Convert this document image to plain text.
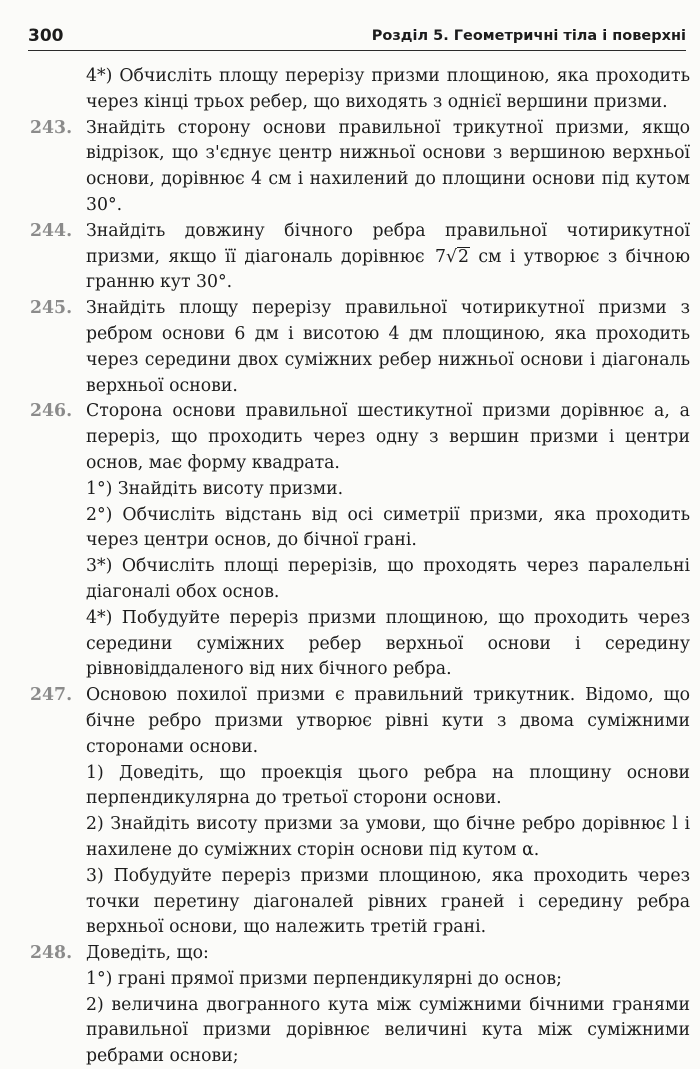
300	Розділ 5. Геометричні тіла і поверхні

4*) Обчисліть площу перерізу призми площиною, яка проходить через кінці трьох ребер, що виходять з однієї вершини призми.

243. Знайдіть сторону основи правильної трикутної призми, якщо відрізок, що з'єднує центр нижньої основи з вершиною верхньої основи, дорівнює 4 см і нахилений до площини основи під кутом 30°.

244. Знайдіть довжину бічного ребра правильної чотирикутної призми, якщо її діагональ дорівнює 7√2 см і утворює з бічною гранню кут 30°.

245. Знайдіть площу перерізу правильної чотирикутної призми з ребром основи 6 дм і висотою 4 дм площиною, яка проходить через середини двох суміжних ребер нижньої основи і діагональ верхньої основи.

246. Сторона основи правильної шестикутної призми дорівнює a, а переріз, що проходить через одну з вершин призми і центри основ, має форму квадрата.

1°) Знайдіть висоту призми.

2°) Обчисліть відстань від осі симетрії призми, яка проходить через центри основ, до бічної грані.

3*) Обчисліть площі перерізів, що проходять через паралельні діагоналі обох основ.

4*) Побудуйте переріз призми площиною, що проходить через середини суміжних ребер верхньої основи і середину рівновіддаленого від них бічного ребра.

247. Основою похилої призми є правильний трикутник. Відомо, що бічне ребро призми утворює рівні кути з двома суміжними сторонами основи.

1) Доведіть, що проекція цього ребра на площину основи перпендикулярна до третьої сторони основи.

2) Знайдіть висоту призми за умови, що бічне ребро дорівнює l і нахилене до суміжних сторін основи під кутом α.

3) Побудуйте переріз призми площиною, яка проходить через точки перетину діагоналей рівних граней і середину ребра верхньої основи, що належить третій грані.

248. Доведіть, що:

1°) грані прямої призми перпендикулярні до основ;

2) величина двогранного кута між суміжними бічними гранями правильної призми дорівнює величині кута між суміжними ребрами основи;
